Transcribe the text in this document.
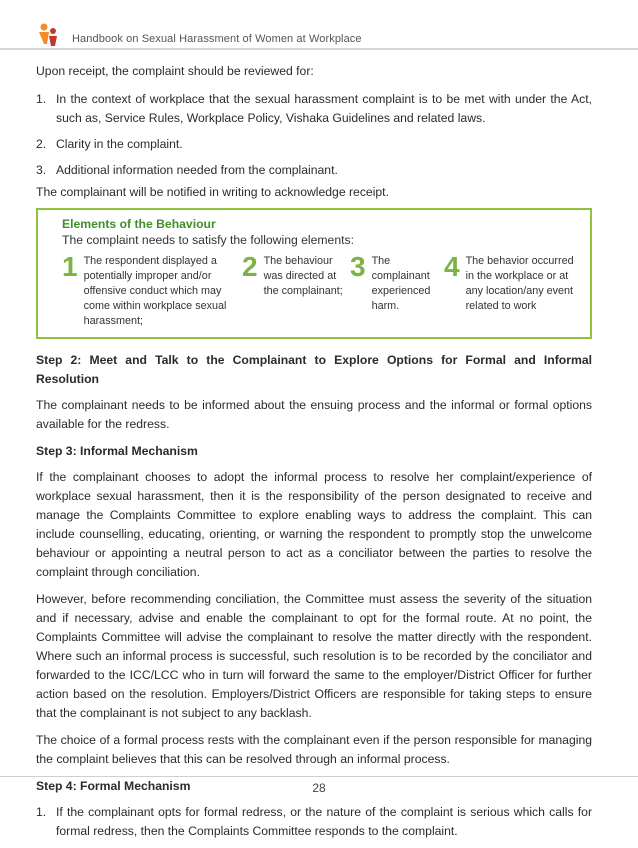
Handbook on Sexual Harassment of Women at Workplace

Upon receipt, the complaint should be reviewed for:

1. In the context of workplace that the sexual harassment complaint is to be met with under the Act, such as, Service Rules, Workplace Policy, Vishaka Guidelines and related laws.
2. Clarity in the complaint.
3. Additional information needed from the complainant.

The complainant will be notified in writing to acknowledge receipt.

Elements of the Behaviour
The complaint needs to satisfy the following elements:
1 The respondent displayed a potentially improper and/or offensive conduct which may come within workplace sexual harassment;
2 The behaviour was directed at the complainant;
3 The complainant experienced harm.
4 The behavior occurred in the workplace or at any location/any event related to work

Step 2: Meet and Talk to the Complainant to Explore Options for Formal and Informal Resolution

The complainant needs to be informed about the ensuing process and the informal or formal options available for the redress.

Step 3: Informal Mechanism

If the complainant chooses to adopt the informal process to resolve her complaint/experience of workplace sexual harassment, then it is the responsibility of the person designated to receive and manage the Complaints Committee to explore enabling ways to address the complaint. This can include counselling, educating, orienting, or warning the respondent to promptly stop the unwelcome behaviour or appointing a neutral person to act as a conciliator between the parties to resolve the complaint through conciliation.

However, before recommending conciliation, the Committee must assess the severity of the situation and if necessary, advise and enable the complainant to opt for the formal route. At no point, the Complaints Committee will advise the complainant to resolve the matter directly with the respondent. Where such an informal process is successful, such resolution is to be recorded by the conciliator and forwarded to the ICC/LCC who in turn will forward the same to the employer/District Officer for further action based on the resolution. Employers/District Officers are responsible for taking steps to ensure that the complainant is not subject to any backlash.

The choice of a formal process rests with the complainant even if the person responsible for managing the complaint believes that this can be resolved through an informal process.

Step 4: Formal Mechanism

1. If the complainant opts for formal redress, or the nature of the complaint is serious which calls for formal redress, then the Complaints Committee responds to the complaint.
28
